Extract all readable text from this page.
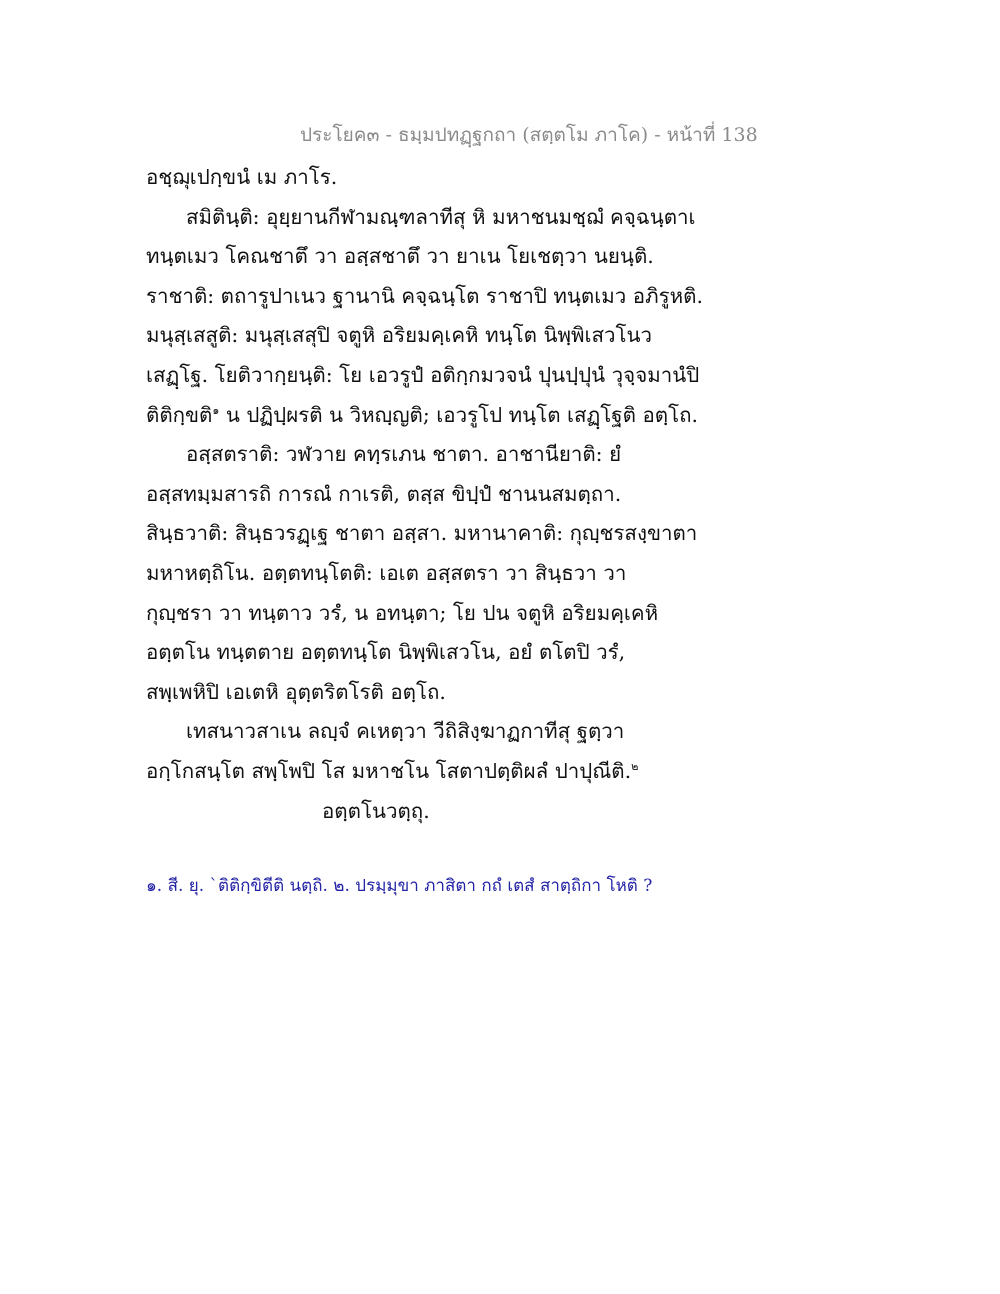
ประโยค๓ - ธมฺมปทฏฺฐกถา (สตฺตโม ภาโค) - หน้าที่ 138
อชฺฌุเปกฺขนํ เม ภาโร.
สมิตินฺติ: อุยฺยานกีฬามณฺฑลาทีสุ หิ มหาชนมชฺฌํ คจฺฉนฺตาเ
ทนฺตเมว โคณชาตึ วา อสฺสชาตึ วา ยาเน โยเชตฺวา นยนฺติ.
ราชาติ: ตถารูปาเนว ฐานานิ คจฺฉนฺโต ราชาปิ ทนฺตเมว อภิรูหติ.
มนุสฺเสสูติ: มนุสฺเสสุปิ จตูหิ อริยมคฺเคหิ ทนฺโต นิพฺพิเสวโนว
เสฏฺโฐ. โยติวากฺยนฺติ: โย เอวรูปํ อติกฺกมวจนํ ปุนปฺปุนํ วุจฺจมานํปิ
ติติกฺขติ$^๑$ น ปฏิปฺผรติ น วิหญฺญติ; เอวรูโป ทนฺโต เสฏฺโฐติ อตฺโถ.
อสฺสตราติ: วฬวาย คทฺรเภน ชาตา. อาชานียาติ: ยํ
อสฺสทมฺมสารถิ การณํ กาเรติ, ตสฺส ขิปฺปํ ชานนสมตฺถา.
สินฺธวาติ: สินฺธวรฏฺเฐ ชาตา อสฺสา. มหานาคาติ: กุญฺชรสงฺขาตา
มหาหตฺถิโน. อตฺตทนฺโตติ: เอเต อสฺสตรา วา สินฺธวา วา
กุญฺชรา วา ทนฺตาว วรํ, น อทนฺตา; โย ปน จตูหิ อริยมคฺเคหิ
อตฺตโน ทนฺตตาย อตฺตทนฺโต นิพฺพิเสวโน, อยํ ตโตปิ วรํ,
สพฺเพหิปิ เอเตหิ อุตฺตริตโรติ อตฺโถ.
เทสนาวสาเน ลญฺจํ คเหตฺวา วีถิสิงฺฆาฏกาทีสุ ฐตฺวา
อกฺโกสนฺโต สพฺโพปิ โส มหาชโน โสตาปตฺติผลํ ปาปุณีติ.$^๒$
อตฺตโนวตฺถุ.
๑. สี. ยุ. `ติติกฺขิตีติ นตฺถิ. ๒. ปรมฺมุขา ภาสิตา กถํ เตสํ สาตฺถิกา โหติ ?
